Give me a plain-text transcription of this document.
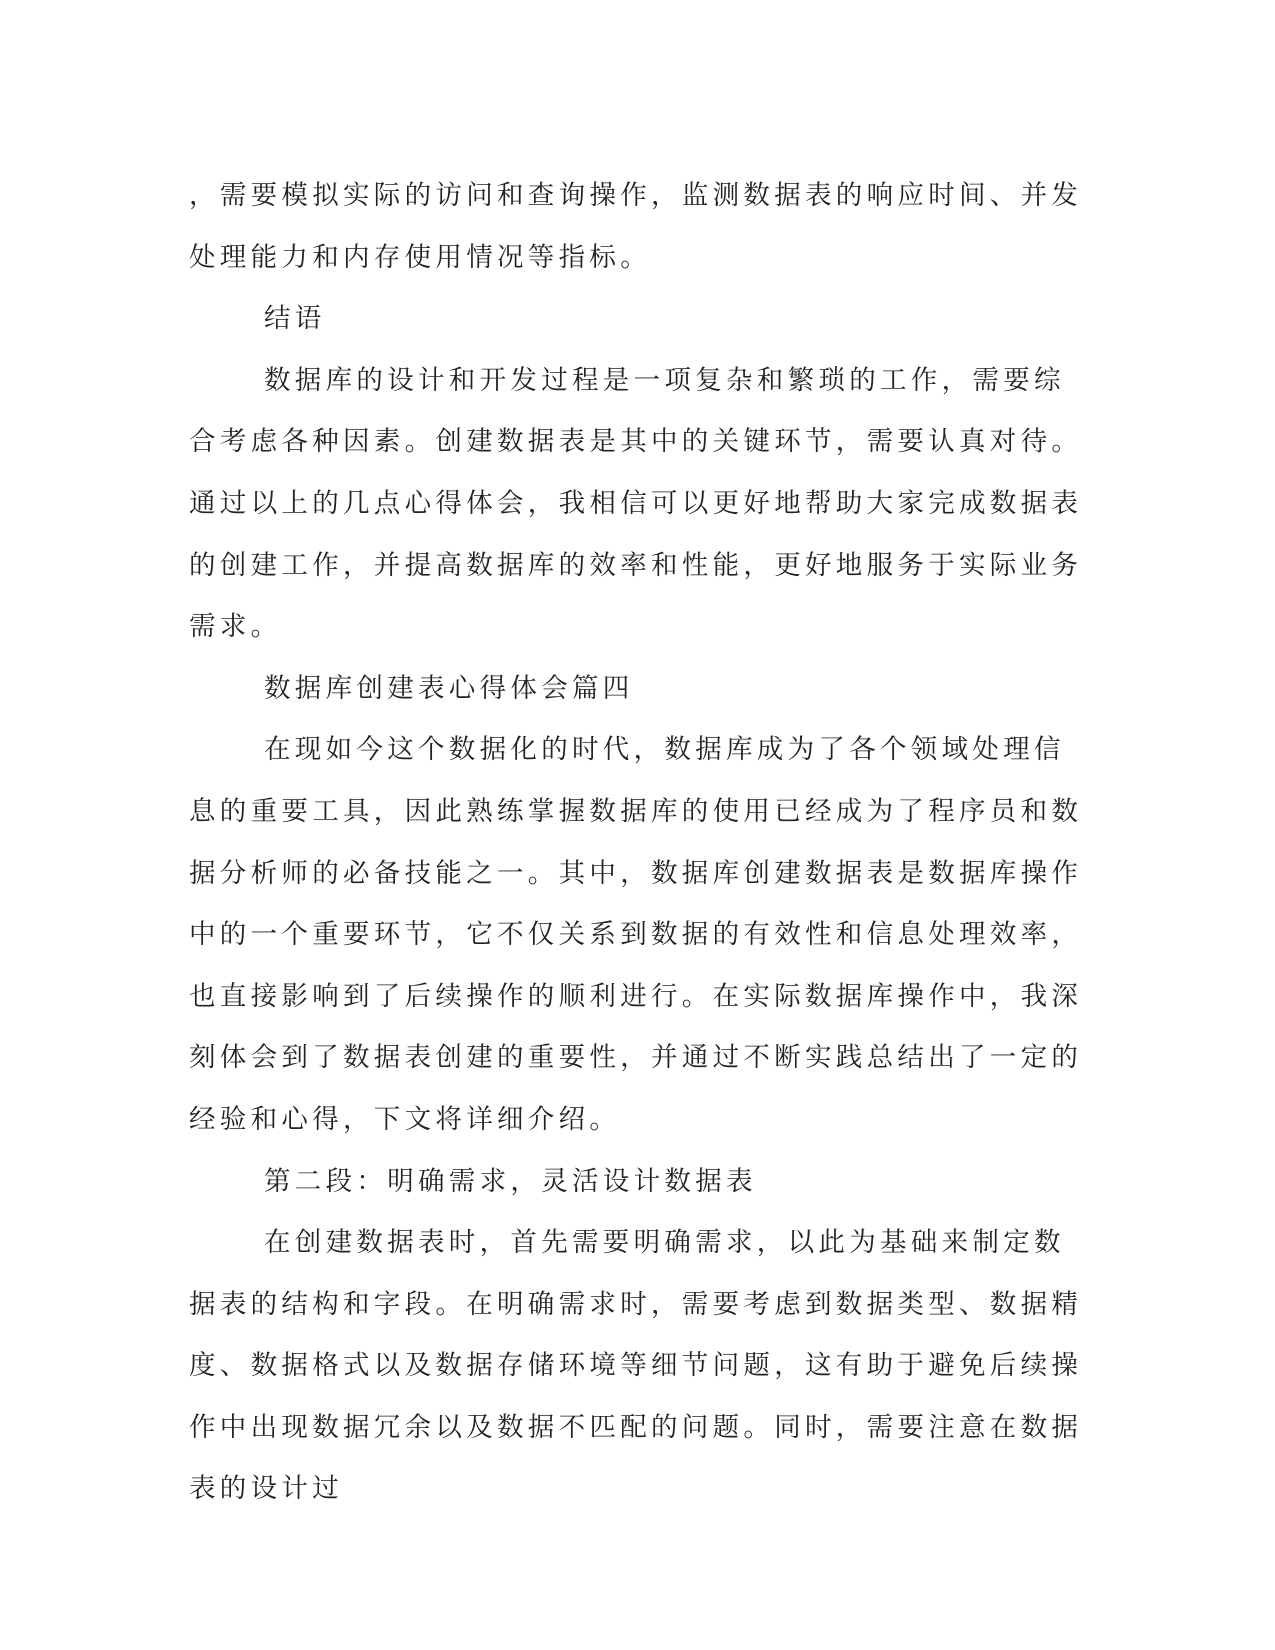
，需要模拟实际的访问和查询操作，监测数据表的响应时间、并发处理能力和内存使用情况等指标。

结语

数据库的设计和开发过程是一项复杂和繁琐的工作，需要综合考虑各种因素。创建数据表是其中的关键环节，需要认真对待。通过以上的几点心得体会，我相信可以更好地帮助大家完成数据表的创建工作，并提高数据库的效率和性能，更好地服务于实际业务需求。

数据库创建表心得体会篇四

在现如今这个数据化的时代，数据库成为了各个领域处理信息的重要工具，因此熟练掌握数据库的使用已经成为了程序员和数据分析师的必备技能之一。其中，数据库创建数据表是数据库操作中的一个重要环节，它不仅关系到数据的有效性和信息处理效率，也直接影响到了后续操作的顺利进行。在实际数据库操作中，我深刻体会到了数据表创建的重要性，并通过不断实践总结出了一定的经验和心得，下文将详细介绍。

第二段：明确需求，灵活设计数据表

在创建数据表时，首先需要明确需求，以此为基础来制定数据表的结构和字段。在明确需求时，需要考虑到数据类型、数据精度、数据格式以及数据存储环境等细节问题，这有助于避免后续操作中出现数据冗余以及数据不匹配的问题。同时，需要注意在数据表的设计过
